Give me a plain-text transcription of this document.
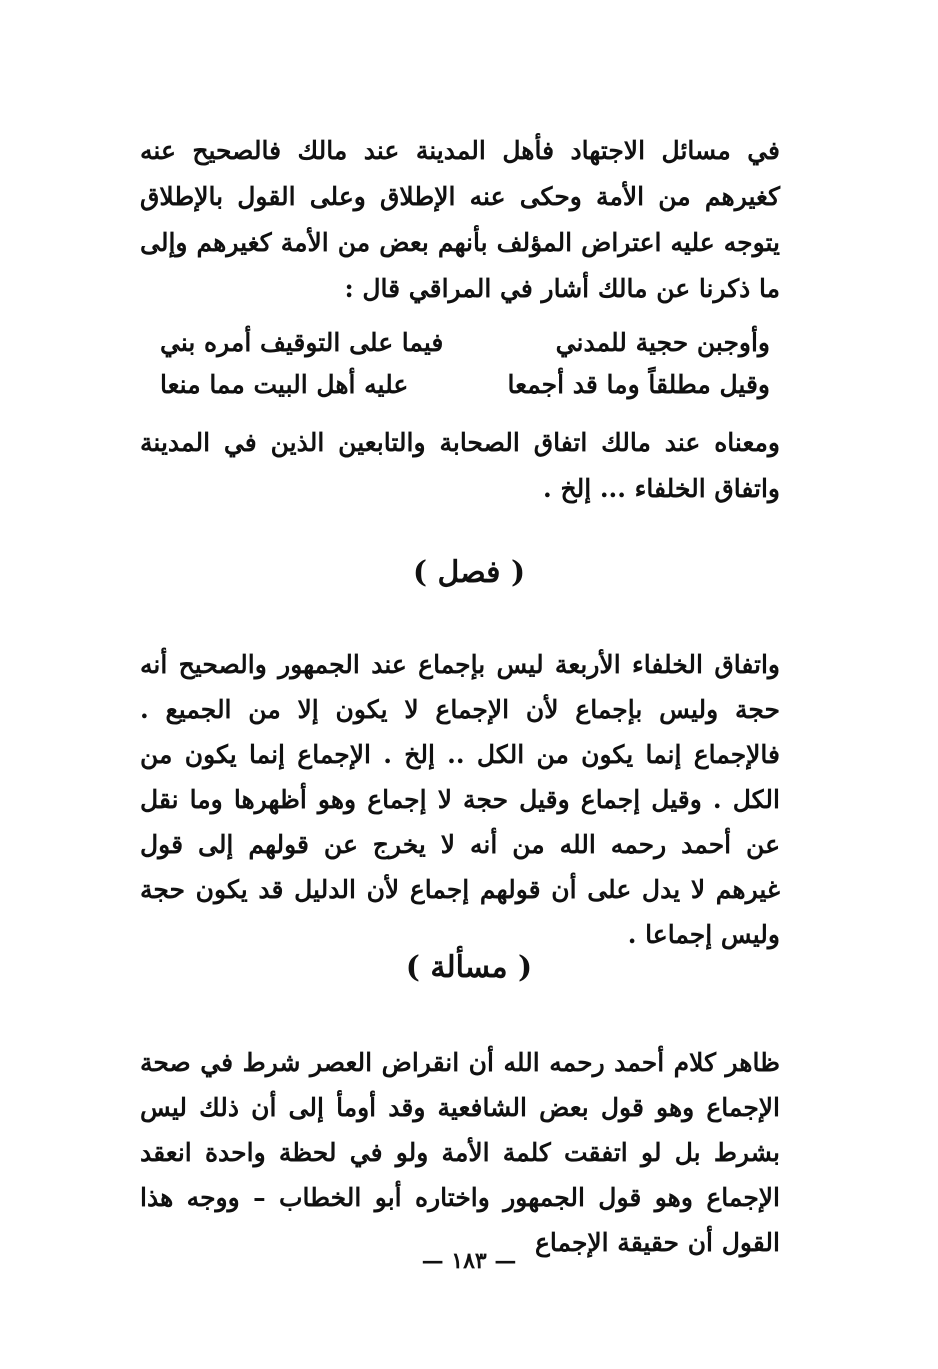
في مسائل الاجتهاد فأهل المدينة عند مالك فالصحيح عنه كغيرهم من الأمة وحكى عنه الإطلاق وعلى القول بالإطلاق يتوجه عليه اعتراض المؤلف بأنهم بعض من الأمة كغيرهم وإلى ما ذكرنا عن مالك أشار في المراقي قال :

وأوجبن حجية للمدني
فيما على التوقيف أمره بني
وقيل مطلقاً وما قد أجمعا
عليه أهل البيت مما منعا

ومعناه عند مالك اتفاق الصحابة والتابعين الذين في المدينة واتفاق الخلفاء ... إلخ .

( فصل )

واتفاق الخلفاء الأربعة ليس بإجماع عند الجمهور والصحيح أنه حجة وليس بإجماع لأن الإجماع لا يكون إلا من الجميع . فالإجماع إنما يكون من الكل .. إلخ . الإجماع إنما يكون من الكل . وقيل إجماع وقيل حجة لا إجماع وهو أظهرها وما نقل عن أحمد رحمه الله من أنه لا يخرج عن قولهم إلى قول غيرهم لا يدل على أن قولهم إجماع لأن الدليل قد يكون حجة وليس إجماعا .

( مسألة )

ظاهر كلام أحمد رحمه الله أن انقراض العصر شرط في صحة الإجماع وهو قول بعض الشافعية وقد أومأ إلى أن ذلك ليس بشرط بل لو اتفقت كلمة الأمة ولو في لحظة واحدة انعقد الإجماع وهو قول الجمهور واختاره أبو الخطاب – ووجه هذا القول أن حقيقة الإجماع

— ١٨٣ —
